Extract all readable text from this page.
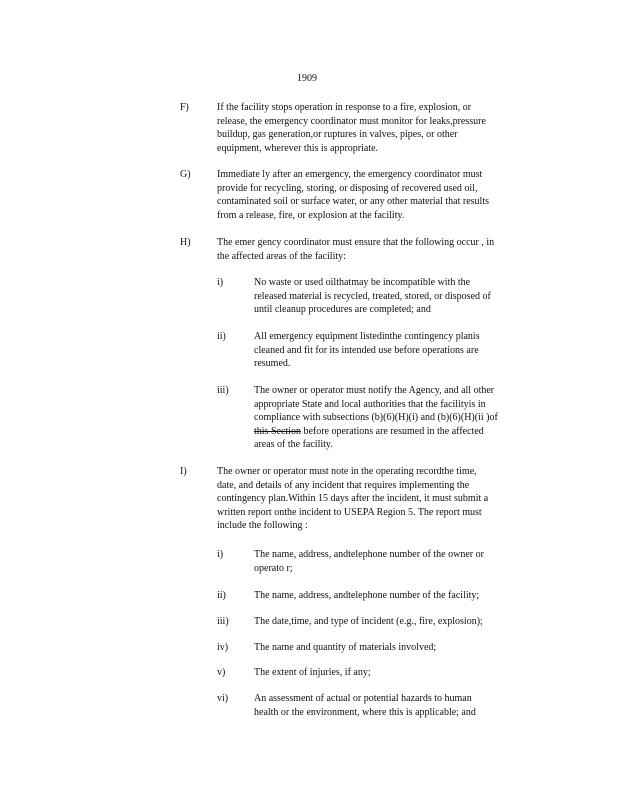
1909
F)	If the facility stops operation in response to a fire, explosion, or
release, the emergency coordinator must monitor for leaks,pressure
buildup, gas generation,or ruptures in valves, pipes, or other
equipment, wherever this is appropriate.
G)	Immediate ly after an emergency, the emergency coordinator must
provide for recycling, storing, or disposing of recovered used oil,
contaminated soil or surface water, or any other material that results
from a release, fire, or explosion at the facility.
H)	The emer gency coordinator must ensure that the following occur , in
the affected areas of the facility:
i)	No waste or used oilthatmay be incompatible with the
released material is recycled, treated, stored, or disposed of
until cleanup procedures are completed; and
ii)	All emergency equipment listedinthe contingency planis
cleaned and fit for its intended use before operations are
resumed.
iii)	The owner or operator must notify the Agency, and all other
appropriate State and local authorities that the facilityis in
compliance with subsections (b)(6)(H)(i) and (b)(6)(H)(ii )of
this Section before operations are resumed in the affected
areas of the facility.
I)	The owner or operator must note in the operating recordthe time,
date, and details of any incident that requires implementing the
contingency plan.Within 15 days after the incident, it must submit a
written report onthe incident to USEPA Region 5. The report must
include the following :
i)	The name, address, andtelephone number of the owner or
operato r;
ii)	The name, address, andtelephone number of the facility;
iii)	The date,time, and type of incident (e.g., fire, explosion);
iv)	The name and quantity of materials involved;
v)	The extent of injuries, if any;
vi)	An assessment of actual or potential hazards to human
health or the environment, where this is applicable; and
